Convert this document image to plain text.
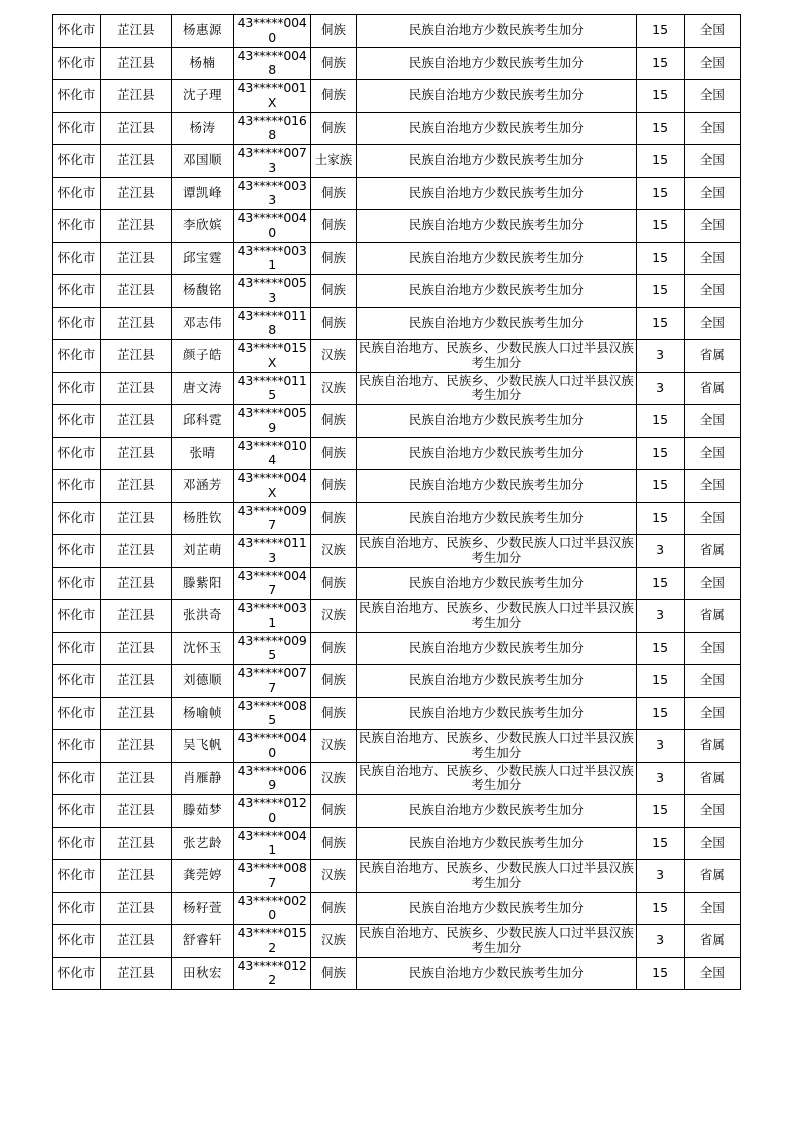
怀化市	芷江县	杨惠源	43*****0040	侗族	民族自治地方少数民族考生加分	15	全国
怀化市	芷江县	杨楠	43*****0048	侗族	民族自治地方少数民族考生加分	15	全国
怀化市	芷江县	沈子理	43*****001X	侗族	民族自治地方少数民族考生加分	15	全国
怀化市	芷江县	杨涛	43*****0168	侗族	民族自治地方少数民族考生加分	15	全国
怀化市	芷江县	邓国顺	43*****0073	土家族	民族自治地方少数民族考生加分	15	全国
怀化市	芷江县	谭凯峰	43*****0033	侗族	民族自治地方少数民族考生加分	15	全国
怀化市	芷江县	李欣嫔	43*****0040	侗族	民族自治地方少数民族考生加分	15	全国
怀化市	芷江县	邱宝霆	43*****0031	侗族	民族自治地方少数民族考生加分	15	全国
怀化市	芷江县	杨馥铭	43*****0053	侗族	民族自治地方少数民族考生加分	15	全国
怀化市	芷江县	邓志伟	43*****0118	侗族	民族自治地方少数民族考生加分	15	全国
怀化市	芷江县	颜子皓	43*****015X	汉族	民族自治地方、民族乡、少数民族人口过半县汉族考生加分	3	省属
怀化市	芷江县	唐文涛	43*****0115	汉族	民族自治地方、民族乡、少数民族人口过半县汉族考生加分	3	省属
怀化市	芷江县	邱科霓	43*****0059	侗族	民族自治地方少数民族考生加分	15	全国
怀化市	芷江县	张晴	43*****0104	侗族	民族自治地方少数民族考生加分	15	全国
怀化市	芷江县	邓涵芳	43*****004X	侗族	民族自治地方少数民族考生加分	15	全国
怀化市	芷江县	杨胜钦	43*****0097	侗族	民族自治地方少数民族考生加分	15	全国
怀化市	芷江县	刘芷萌	43*****0113	汉族	民族自治地方、民族乡、少数民族人口过半县汉族考生加分	3	省属
怀化市	芷江县	滕紫阳	43*****0047	侗族	民族自治地方少数民族考生加分	15	全国
怀化市	芷江县	张洪奇	43*****0031	汉族	民族自治地方、民族乡、少数民族人口过半县汉族考生加分	3	省属
怀化市	芷江县	沈怀玉	43*****0095	侗族	民族自治地方少数民族考生加分	15	全国
怀化市	芷江县	刘德顺	43*****0077	侗族	民族自治地方少数民族考生加分	15	全国
怀化市	芷江县	杨喻帧	43*****0085	侗族	民族自治地方少数民族考生加分	15	全国
怀化市	芷江县	吴飞帆	43*****0040	汉族	民族自治地方、民族乡、少数民族人口过半县汉族考生加分	3	省属
怀化市	芷江县	肖雁静	43*****0069	汉族	民族自治地方、民族乡、少数民族人口过半县汉族考生加分	3	省属
怀化市	芷江县	滕茹梦	43*****0120	侗族	民族自治地方少数民族考生加分	15	全国
怀化市	芷江县	张艺龄	43*****0041	侗族	民族自治地方少数民族考生加分	15	全国
怀化市	芷江县	龚莞婷	43*****0087	汉族	民族自治地方、民族乡、少数民族人口过半县汉族考生加分	3	省属
怀化市	芷江县	杨籽萱	43*****0020	侗族	民族自治地方少数民族考生加分	15	全国
怀化市	芷江县	舒睿轩	43*****0152	汉族	民族自治地方、民族乡、少数民族人口过半县汉族考生加分	3	省属
怀化市	芷江县	田秋宏	43*****0122	侗族	民族自治地方少数民族考生加分	15	全国
